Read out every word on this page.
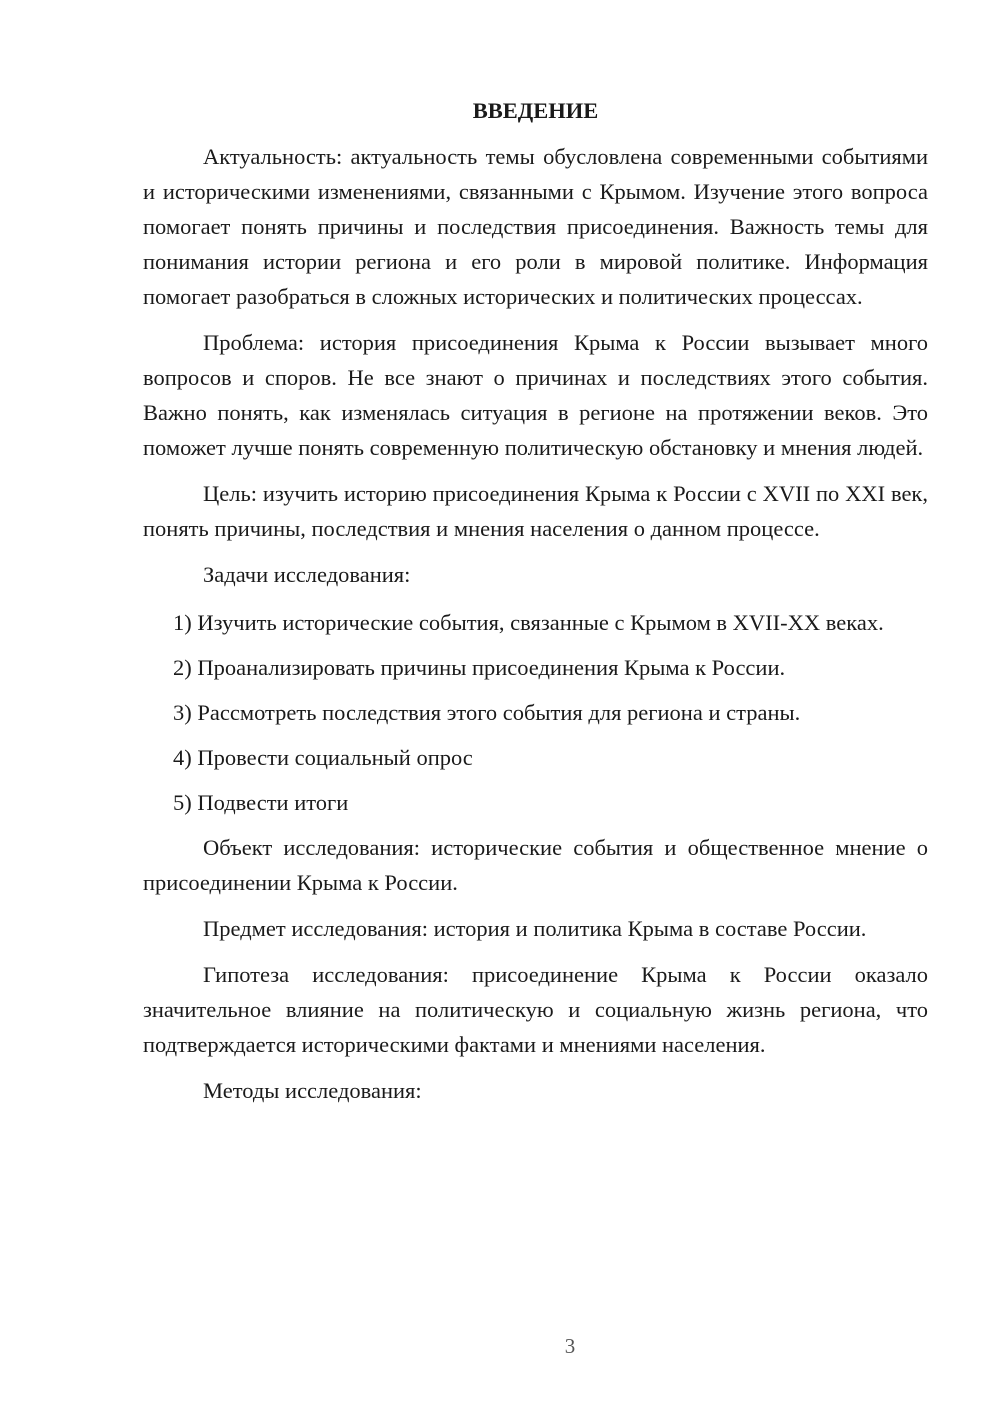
ВВЕДЕНИЕ

Актуальность: актуальность темы обусловлена современными событиями и историческими изменениями, связанными с Крымом. Изучение этого вопроса помогает понять причины и последствия присоединения. Важность темы для понимания истории региона и его роли в мировой политике. Информация помогает разобраться в сложных исторических и политических процессах.

Проблема: история присоединения Крыма к России вызывает много вопросов и споров. Не все знают о причинах и последствиях этого события. Важно понять, как изменялась ситуация в регионе на протяжении веков. Это поможет лучше понять современную политическую обстановку и мнения людей.

Цель: изучить историю присоединения Крыма к России с XVII по XXI век, понять причины, последствия и мнения населения о данном процессе.

Задачи исследования:

1) Изучить исторические события, связанные с Крымом в XVII-XX веках.

2) Проанализировать причины присоединения Крыма к России.

3) Рассмотреть последствия этого события для региона и страны.

4) Провести социальный опрос

5) Подвести итоги

Объект исследования: исторические события и общественное мнение о присоединении Крыма к России.

Предмет исследования: история и политика Крыма в составе России.

Гипотеза исследования: присоединение Крыма к России оказало значительное влияние на политическую и социальную жизнь региона, что подтверждается историческими фактами и мнениями населения.

Методы исследования:

3
